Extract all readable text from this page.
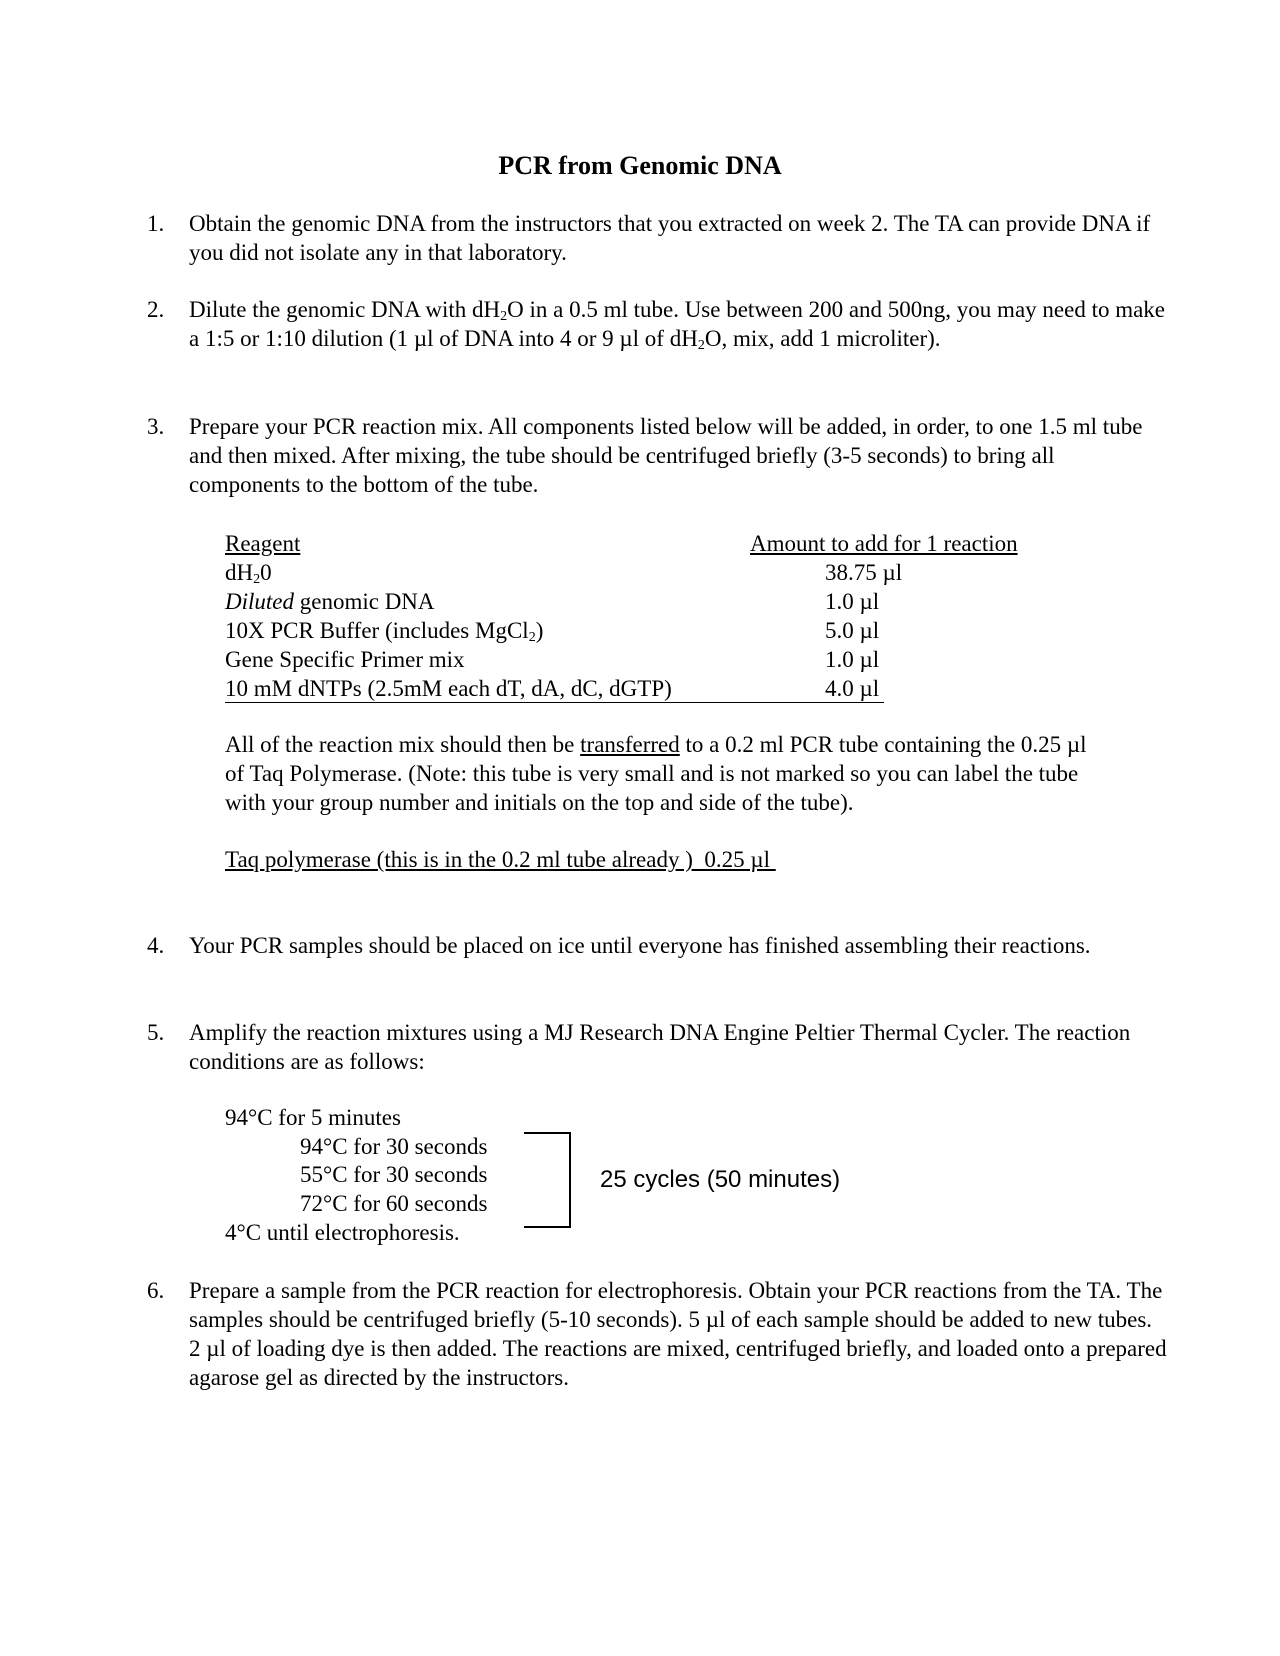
PCR from Genomic DNA
1.	Obtain the genomic DNA from the instructors that you extracted on week 2. The TA can provide DNA if you did not isolate any in that laboratory.
2.	Dilute the genomic DNA with $dH_2O$ in a 0.5 ml tube. Use between 200 and 500ng, you may need to make a 1:5 or 1:10 dilution (1 µl of DNA into 4 or 9 µl of $dH_2O$, mix, add 1 microliter).
3.	Prepare your PCR reaction mix. All components listed below will be added, in order, to one 1.5 ml tube and then mixed. After mixing, the tube should be centrifuged briefly (3-5 seconds) to bring all components to the bottom of the tube.
Reagent	Amount to add for 1 reaction
$dH_20$	38.75 µl
Diluted genomic DNA	1.0 µl
10X PCR Buffer (includes MgCl$_2$)	5.0 µl
Gene Specific Primer mix	1.0 µl
10 mM dNTPs (2.5mM each dT, dA, dC, dGTP)	4.0 µl
All of the reaction mix should then be transferred to a 0.2 ml PCR tube containing the 0.25 µl of Taq Polymerase. (Note: this tube is very small and is not marked so you can label the tube with your group number and initials on the top and side of the tube).
Taq polymerase (this is in the 0.2 ml tube already )  0.25 µl
4.	Your PCR samples should be placed on ice until everyone has finished assembling their reactions.
5.	Amplify the reaction mixtures using a MJ Research DNA Engine Peltier Thermal Cycler. The reaction conditions are as follows:
94°C for 5 minutes
94°C for 30 seconds
55°C for 30 seconds
72°C for 60 seconds
4°C until electrophoresis.
25 cycles (50 minutes)
6.	Prepare a sample from the PCR reaction for electrophoresis. Obtain your PCR reactions from the TA. The samples should be centrifuged briefly (5-10 seconds). 5 µl of each sample should be added to new tubes. 2 µl of loading dye is then added. The reactions are mixed, centrifuged briefly, and loaded onto a prepared agarose gel as directed by the instructors.
